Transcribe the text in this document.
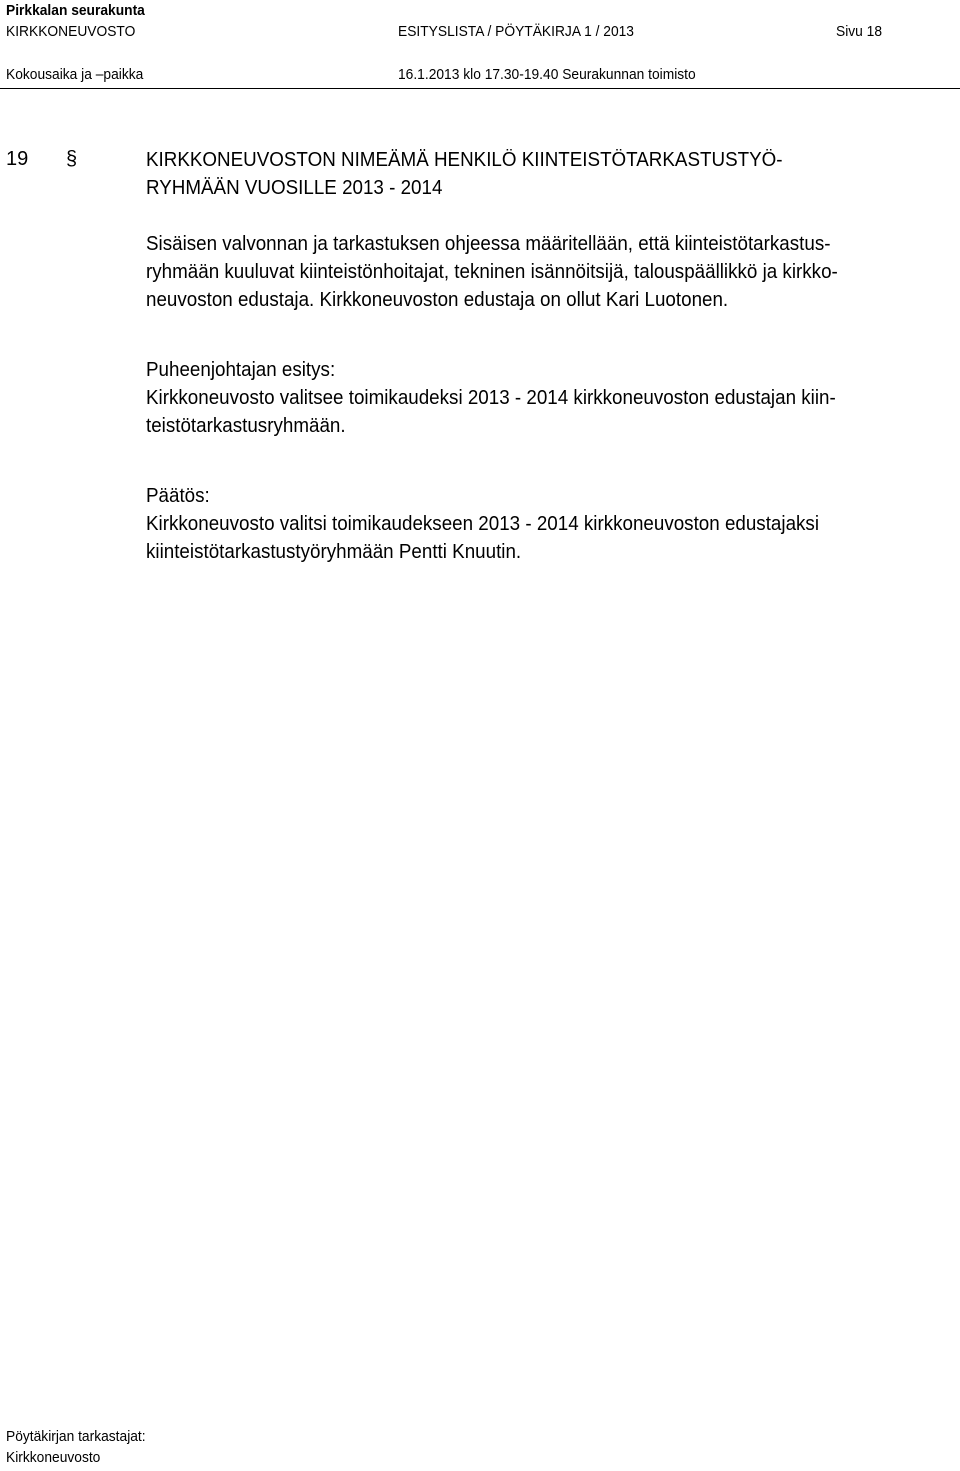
Pirkkalan seurakunta
KIRKKONEUVOSTO	ESITYSLISTA / PÖYTÄKIRJA 1 / 2013	Sivu 18
Kokousaika ja –paikka	16.1.2013 klo 17.30-19.40 Seurakunnan toimisto
19 §	KIRKKONEUVOSTON NIMEÄMÄ HENKILÖ KIINTEISTÖTARKASTUSTYÖ-
RYHMÄÄN VUOSILLE 2013 - 2014

Sisäisen valvonnan ja tarkastuksen ohjeessa määritellään, että kiinteistötarkastus-
ryhmään kuuluvat kiinteistönhoitajat, tekninen isännöitsijä, talouspäällikkö ja kirkko-
neuvoston edustaja. Kirkkoneuvoston edustaja on ollut Kari Luotonen.

Puheenjohtajan esitys:

Kirkkoneuvosto valitsee toimikaudeksi 2013 - 2014 kirkkoneuvoston edustajan kiin-
teistötarkastusryhmään.

Päätös:

Kirkkoneuvosto valitsi toimikaudekseen 2013 - 2014 kirkkoneuvoston edustajaksi
kiinteistötarkastustyöryhmään Pentti Knuutin.

Pöytäkirjan tarkastajat:
Kirkkoneuvosto
